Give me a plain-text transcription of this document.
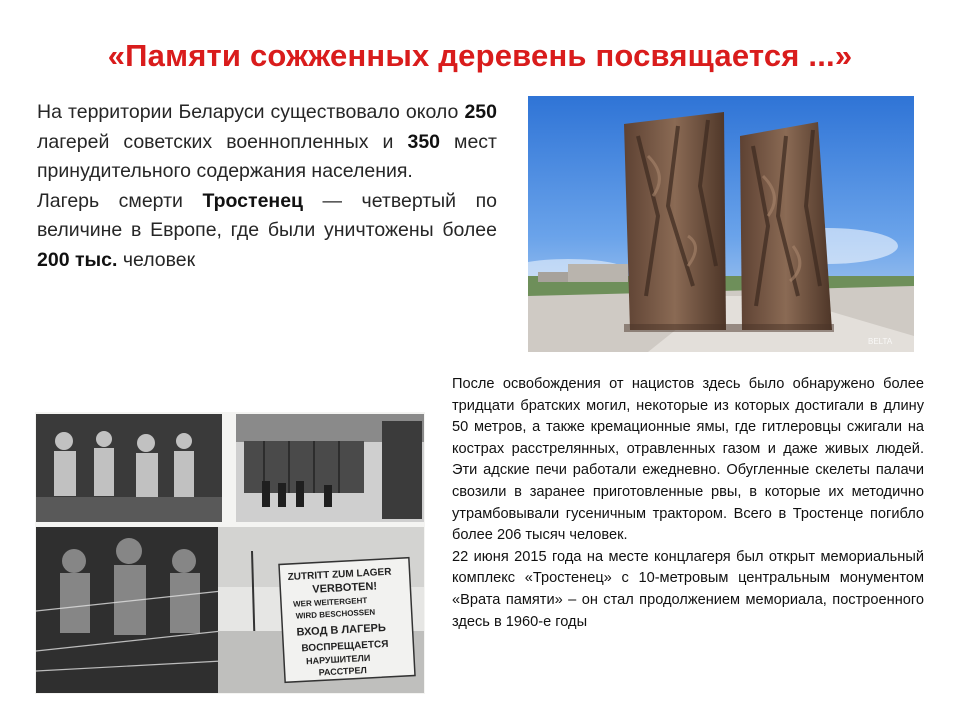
«Памяти сожженных деревень посвящается ...»

На территории Беларуси существовало около 250 лагерей советских военнопленных и 350 мест принудительного содержания населения.

Лагерь смерти Тростенец — четвертый по величине в Европе, где были уничтожены более 200 тыс. человек

BELTA
ZUTRITT ZUM LAGER
VERBOTEN!
WER WEITERGEHT
WIRD BESCHOSSEN
ВХОД В ЛАГЕРЬ
ВОСПРЕЩАЕТСЯ
НАРУШИТЕЛИ
РАССТРЕЛ

После освобождения от нацистов здесь было обнаружено более тридцати братских могил, некоторые из которых достигали в длину 50 метров, а также кремационные ямы, где гитлеровцы сжигали на кострах расстрелянных, отравленных газом и даже живых людей. Эти адские печи работали ежедневно. Обугленные скелеты палачи свозили в заранее приготовленные рвы, в которые их методично утрамбовывали гусеничным трактором. Всего в Тростенце погибло более 206 тысяч человек.

22 июня 2015 года на месте концлагеря был открыт мемориальный комплекс «Тростенец» с 10-метровым центральным монументом «Врата памяти» – он стал продолжением мемориала, построенного здесь в 1960-е годы
